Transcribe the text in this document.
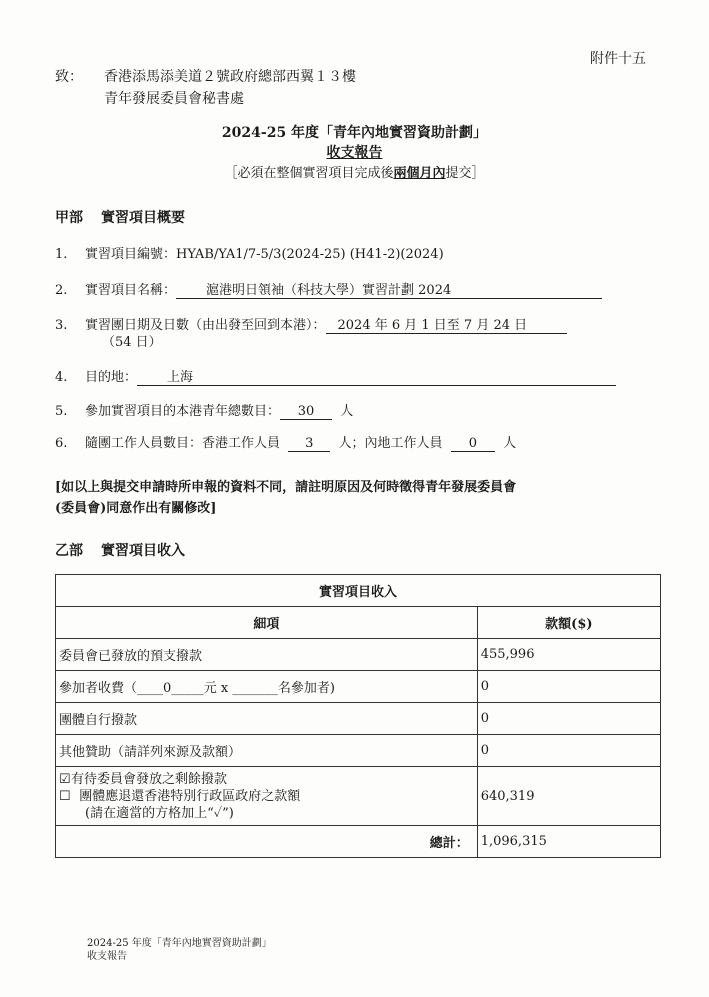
附件十五
致： 香港添馬添美道２號政府總部西翼１３樓
青年發展委員會秘書處
2024-25 年度「青年內地實習資助計劃」
收支報告
［必須在整個實習項目完成後兩個月內提交］
甲部 實習項目概要
1. 實習項目編號：HYAB/YA1/7-5/3(2024-25) (H41-2)(2024)
2. 實習項目名稱： 滬港明日領袖（科技大學）實習計劃 2024
3. 實習團日期及日數（由出發至回到本港）： 2024 年 6 月 1 日至 7 月 24 日
（54 日）
4. 目的地： 上海
5. 參加實習項目的本港青年總數目： 30 人
6. 隨團工作人員數目：香港工作人員 3 人；內地工作人員 0 人
[如以上與提交申請時所申報的資料不同，請註明原因及何時徵得青年發展委員會
(委員會)同意作出有關修改]
乙部 實習項目收入
實習項目收入	
細項	款額($)
委員會已發放的預支撥款	455,996
參加者收費（____0_____元 x _______名參加者)	0
團體自行撥款	0
其他贊助（請詳列來源及款額）	0

☑有待委員會發放之剩餘撥款
☐ 團體應退還香港特別行政區政府之款額
(請在適當的方格加上“✓”)	640,319
總計：	1,096,315
2024-25 年度「青年內地實習資助計劃」
收支報告
